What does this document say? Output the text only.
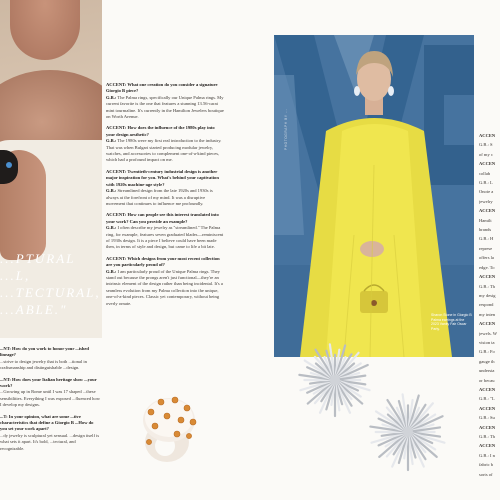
...PTURAL
...L,
...TECTURAL,
...ABLE."

ACCENT: What one creation do you consider a signature Giorgio B piece?
G.B.: The Palma rings, specifically our Unique Palma rings. My current favorite is the one that features a stunning 13.56-carat mint tourmaline. It's currently in the Hamilton Jewelers boutique on Worth Avenue.

ACCENT: How does the influence of the 1980s play into your design aesthetic?
G.B.: The 1980s were my first real introduction to the industry. That was when Bulgari started producing modular jewelry, watches, and accessories to complement one-of-a-kind pieces, which had a profound impact on me.

ACCENT: Twentieth-century industrial design is another major inspiration for you. What's behind your captivation with 1920s machine-age style?
G.B.: Streamlined design from the late 1920s and 1930s is always at the forefront of my mind. It was a disruptive movement that continues to influence me profoundly.

ACCENT: How can people see this interest translated into your work? Can you provide an example?
G.B.: I often describe my jewelry as "streamlined." The Palma ring, for example, features seven graduated blades—reminiscent of 1930s design. It is a piece I believe could have been made then, in terms of style and design, but came to life a bit late.

ACCENT: Which designs from your most recent collection are you particularly proud of?
G.B.: I am particularly proud of the Unique Palma rings. They stand out because the prongs aren't just functional—they're an intrinsic element of the design rather than being incidental. It's a seamless evolution from my Palma collection into the unique, one-of-a-kind pieces. Classic yet contemporary, without being overly ornate.

...NT: How do you work to honor your ...ished lineage?
...strive to design jewelry that is both ...tional in craftsmanship and distinguishable ...design.

...NT: How does your Italian heritage show ...your work?
...Growing up in Rome until I was 17 shaped ...these sensibilities. Everything I was exposed ...fluenced how I develop my designs.

...T: In your opinion, what are some ...tive characteristics that define a Giorgio B ...How do you set your work apart?
...dy jewelry is sculptural yet sensual. ...design itself is what sets it apart. It's bold, ...tectural, and recognizable.

ACCEN

G.B.: S

of my c

ACCEN

collab

G.B.: L

Onoie a

jewelry

ACCEN

Hamilt

brands

G.B.: H

represe

offers la

edge. To

ACCEN

G.B.: Th

my desig

respond

my inten

ACCEN

jewels. W

vision ta

G.B.: Fo

gauge th

understa

or becau

ACCEN

G.B.: "L

ACCEN

G.B.: Su

ACCEN

G.B.: Th

ACCEN

G.B.: I n

fabric b

sorts of

PHOTOGRAPH BY ...
Sharon Stone in Giorgio B Palma earrings at the 2023 Vanity Fair Oscar Party.
